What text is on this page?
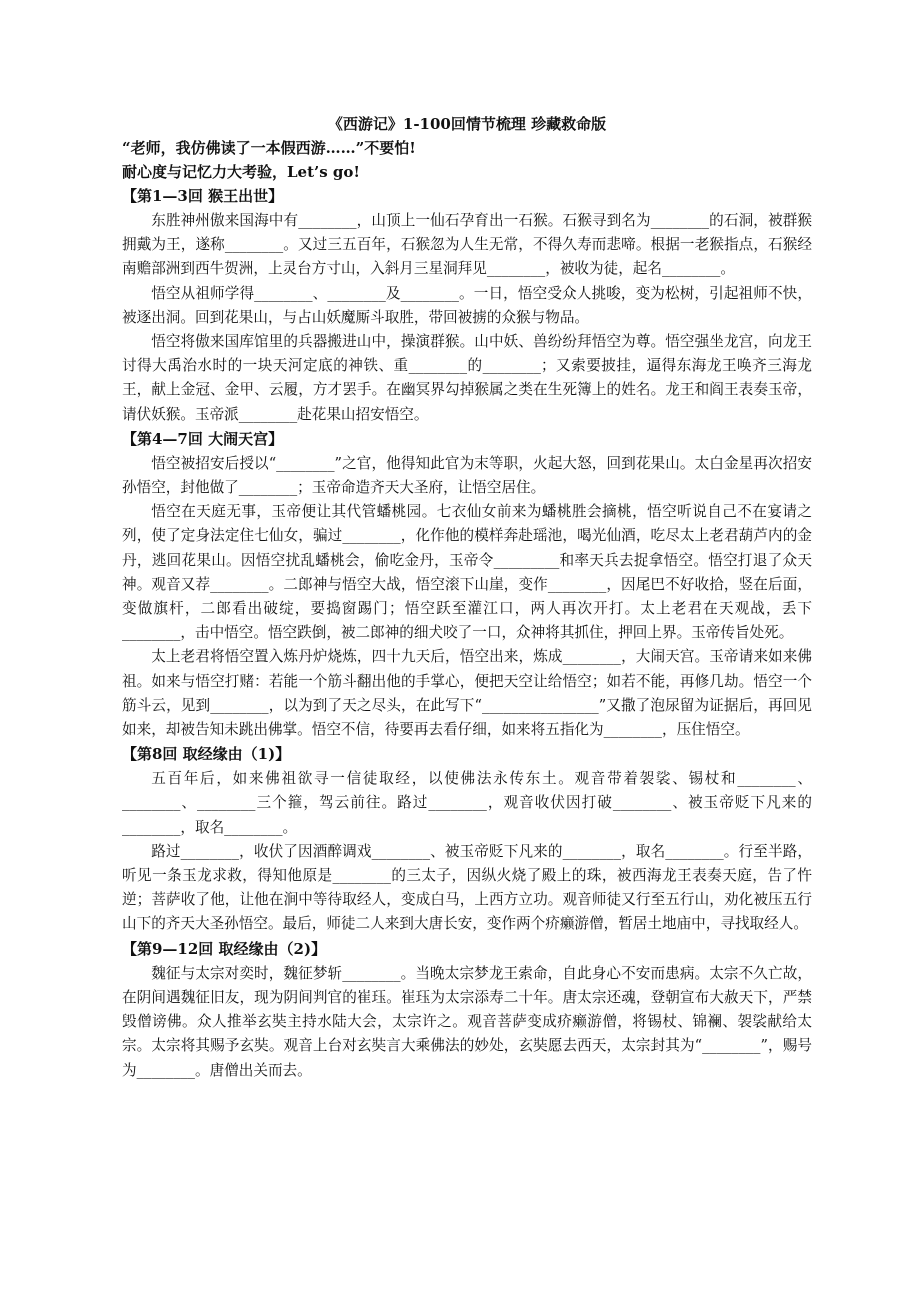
《西游记》1-100回情节梳理 珍藏救命版

“老师，我仿佛读了一本假西游……”不要怕!

耐心度与记忆力大考验，Let’s go!

【第1—3回 猴王出世】

东胜神州傲来国海中有________，山顶上一仙石孕育出一石猴。石猴寻到名为________的石洞，被群猴拥戴为王，遂称________。又过三五百年，石猴忽为人生无常，不得久寿而悲啼。根据一老猴指点，石猴经南赡部洲到西牛贺洲，上灵台方寸山，入斜月三星洞拜见________，被收为徒，起名________。

悟空从祖师学得________、________及________。一日，悟空受众人挑唆，变为松树，引起祖师不快，被逐出洞。回到花果山，与占山妖魔厮斗取胜，带回被掳的众猴与物品。

悟空将傲来国库馆里的兵器搬进山中，操演群猴。山中妖、兽纷纷拜悟空为尊。悟空强坐龙宫，向龙王讨得大禹治水时的一块天河定底的神铁、重________的________；又索要披挂，逼得东海龙王唤齐三海龙王，献上金冠、金甲、云履，方才罢手。在幽冥界勾掉猴属之类在生死簿上的姓名。龙王和阎王表奏玉帝，请伏妖猴。玉帝派________赴花果山招安悟空。

【第4—7回 大闹天宫】

悟空被招安后授以“________”之官，他得知此官为末等职，火起大怒，回到花果山。太白金星再次招安孙悟空，封他做了________；玉帝命造齐天大圣府，让悟空居住。

悟空在天庭无事，玉帝便让其代管蟠桃园。七衣仙女前来为蟠桃胜会摘桃，悟空听说自己不在宴请之列，使了定身法定住七仙女，骗过________，化作他的模样奔赴瑶池，喝光仙酒，吃尽太上老君葫芦内的金丹，逃回花果山。因悟空扰乱蟠桃会，偷吃金丹，玉帝令_________和率天兵去捉拿悟空。悟空打退了众天神。观音又荐________。二郎神与悟空大战，悟空滚下山崖，变作________，因尾巴不好收拾，竖在后面，变做旗杆，二郎看出破绽，要捣窗踢门；悟空跃至灌江口，两人再次开打。太上老君在天观战，丢下________，击中悟空。悟空跌倒，被二郎神的细犬咬了一口，众神将其抓住，押回上界。玉帝传旨处死。

太上老君将悟空置入炼丹炉烧炼，四十九天后，悟空出来，炼成________，大闹天宫。玉帝请来如来佛祖。如来与悟空打赌：若能一个筋斗翻出他的手掌心，便把天空让给悟空；如若不能，再修几劫。悟空一个筋斗云，见到________，以为到了天之尽头，在此写下“________________”又撒了泡尿留为证据后，再回见如来，却被告知未跳出佛掌。悟空不信，待要再去看仔细，如来将五指化为________，压住悟空。

【第8回 取经缘由（1)】

五百年后，如来佛祖欲寻一信徒取经，以使佛法永传东土。观音带着袈裟、锡杖和________、________、________三个箍，驾云前往。路过________，观音收伏因打破________、被玉帝贬下凡来的________，取名________。

路过________，收伏了因酒醉调戏________、被玉帝贬下凡来的________，取名________。行至半路，听见一条玉龙求救，得知他原是________的三太子，因纵火烧了殿上的珠，被西海龙王表奏天庭，告了忤逆；菩萨收了他，让他在涧中等待取经人，变成白马，上西方立功。观音师徒又行至五行山，劝化被压五行山下的齐天大圣孙悟空。最后，师徒二人来到大唐长安，变作两个疥癞游僧，暂居土地庙中，寻找取经人。

【第9—12回 取经缘由（2)】

魏征与太宗对奕时，魏征梦斩________。当晚太宗梦龙王索命，自此身心不安而患病。太宗不久亡故，在阴间遇魏征旧友，现为阴间判官的崔珏。崔珏为太宗添寿二十年。唐太宗还魂，登朝宣布大赦天下，严禁毁僧谤佛。众人推举玄奘主持水陆大会，太宗许之。观音菩萨变成疥癞游僧，将锡杖、锦襕、袈裟献给太宗。太宗将其赐予玄奘。观音上台对玄奘言大乘佛法的妙处，玄奘愿去西天，太宗封其为“________”，赐号为________。唐僧出关而去。
